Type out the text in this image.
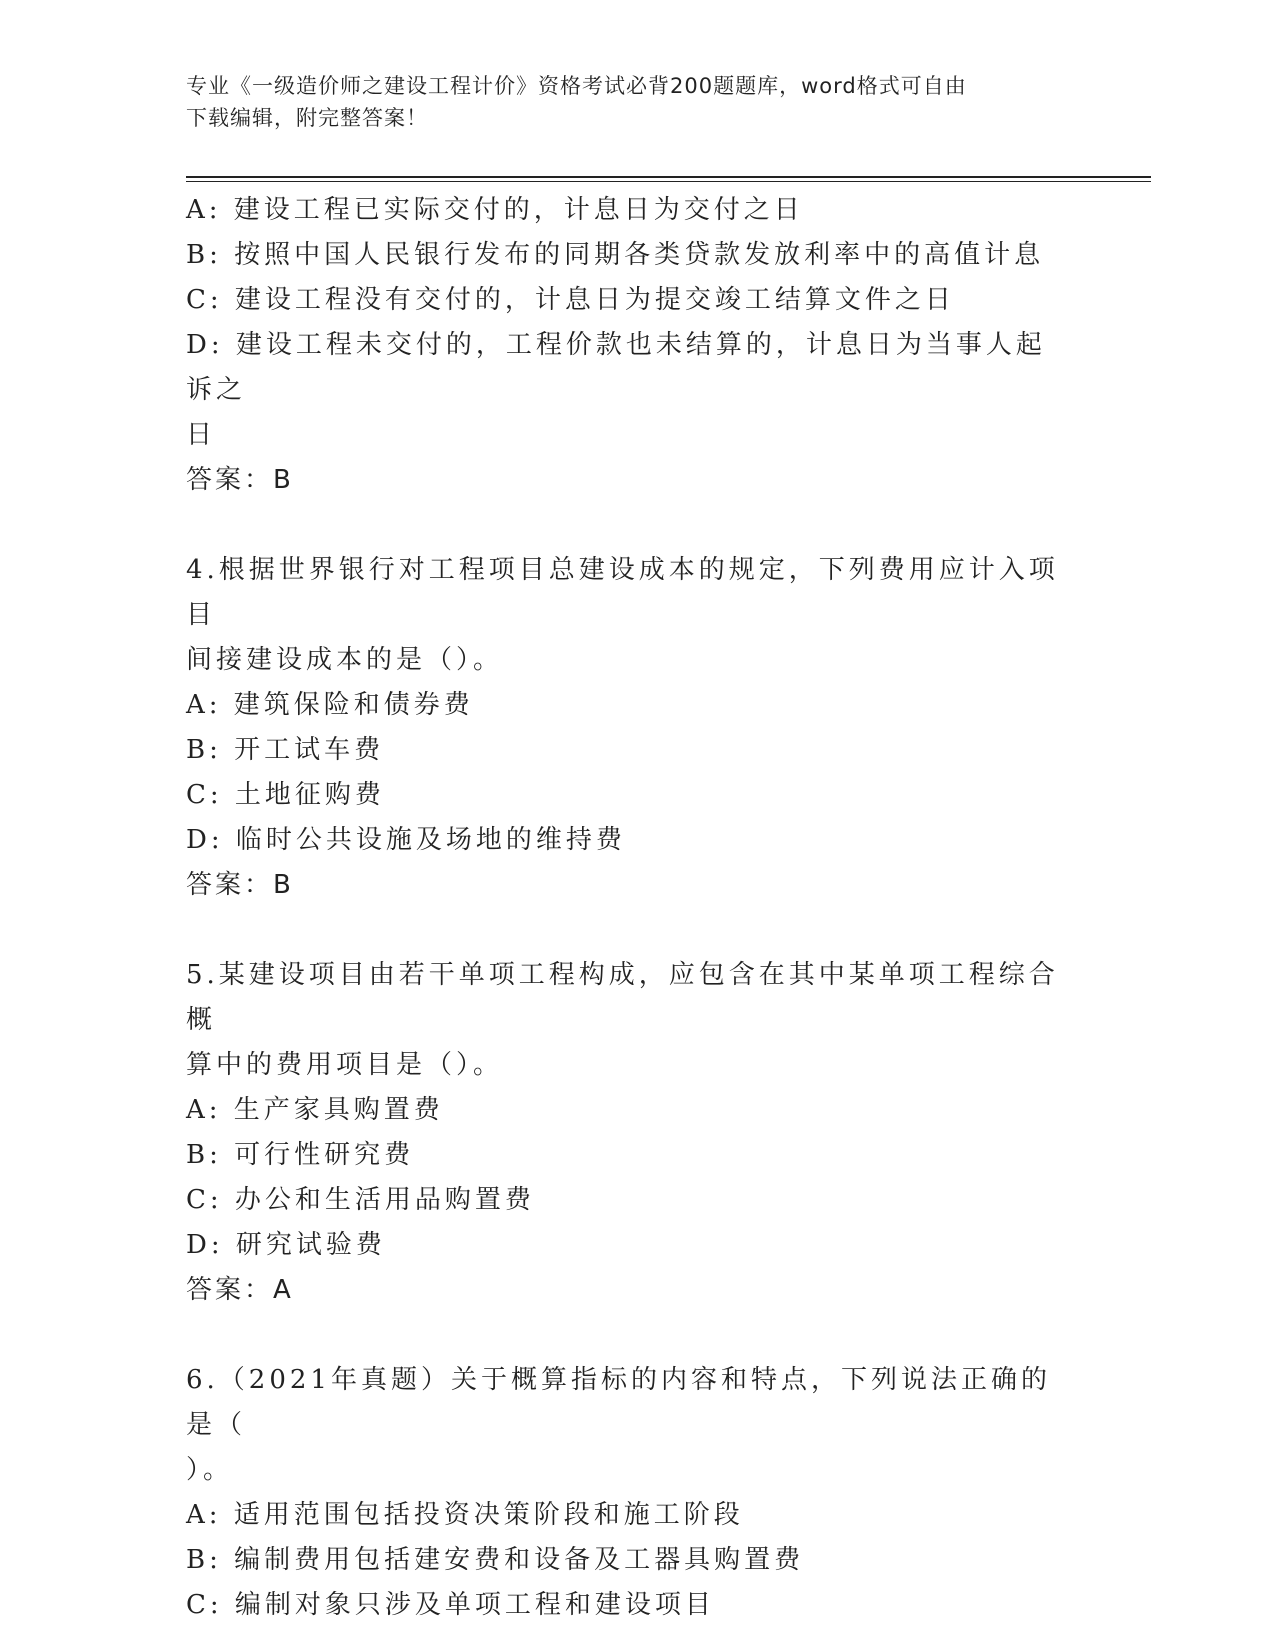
专业《一级造价师之建设工程计价》资格考试必背200题题库，word格式可自由

下载编辑，附完整答案！

A: 建设工程已实际交付的，计息日为交付之日

B: 按照中国人民银行发布的同期各类贷款发放利率中的高值计息

C: 建设工程没有交付的，计息日为提交竣工结算文件之日

D: 建设工程未交付的，工程价款也未结算的，计息日为当事人起诉之

日

答案：B

4.根据世界银行对工程项目总建设成本的规定，下列费用应计入项目

间接建设成本的是（）。

A: 建筑保险和债券费

B: 开工试车费

C: 土地征购费

D: 临时公共设施及场地的维持费

答案：B

5.某建设项目由若干单项工程构成，应包含在其中某单项工程综合概

算中的费用项目是（）。

A: 生产家具购置费

B: 可行性研究费

C: 办公和生活用品购置费

D: 研究试验费

答案：A

6.（2021年真题）关于概算指标的内容和特点，下列说法正确的是（

）。

A: 适用范围包括投资决策阶段和施工阶段

B: 编制费用包括建安费和设备及工器具购置费

C: 编制对象只涉及单项工程和建设项目
